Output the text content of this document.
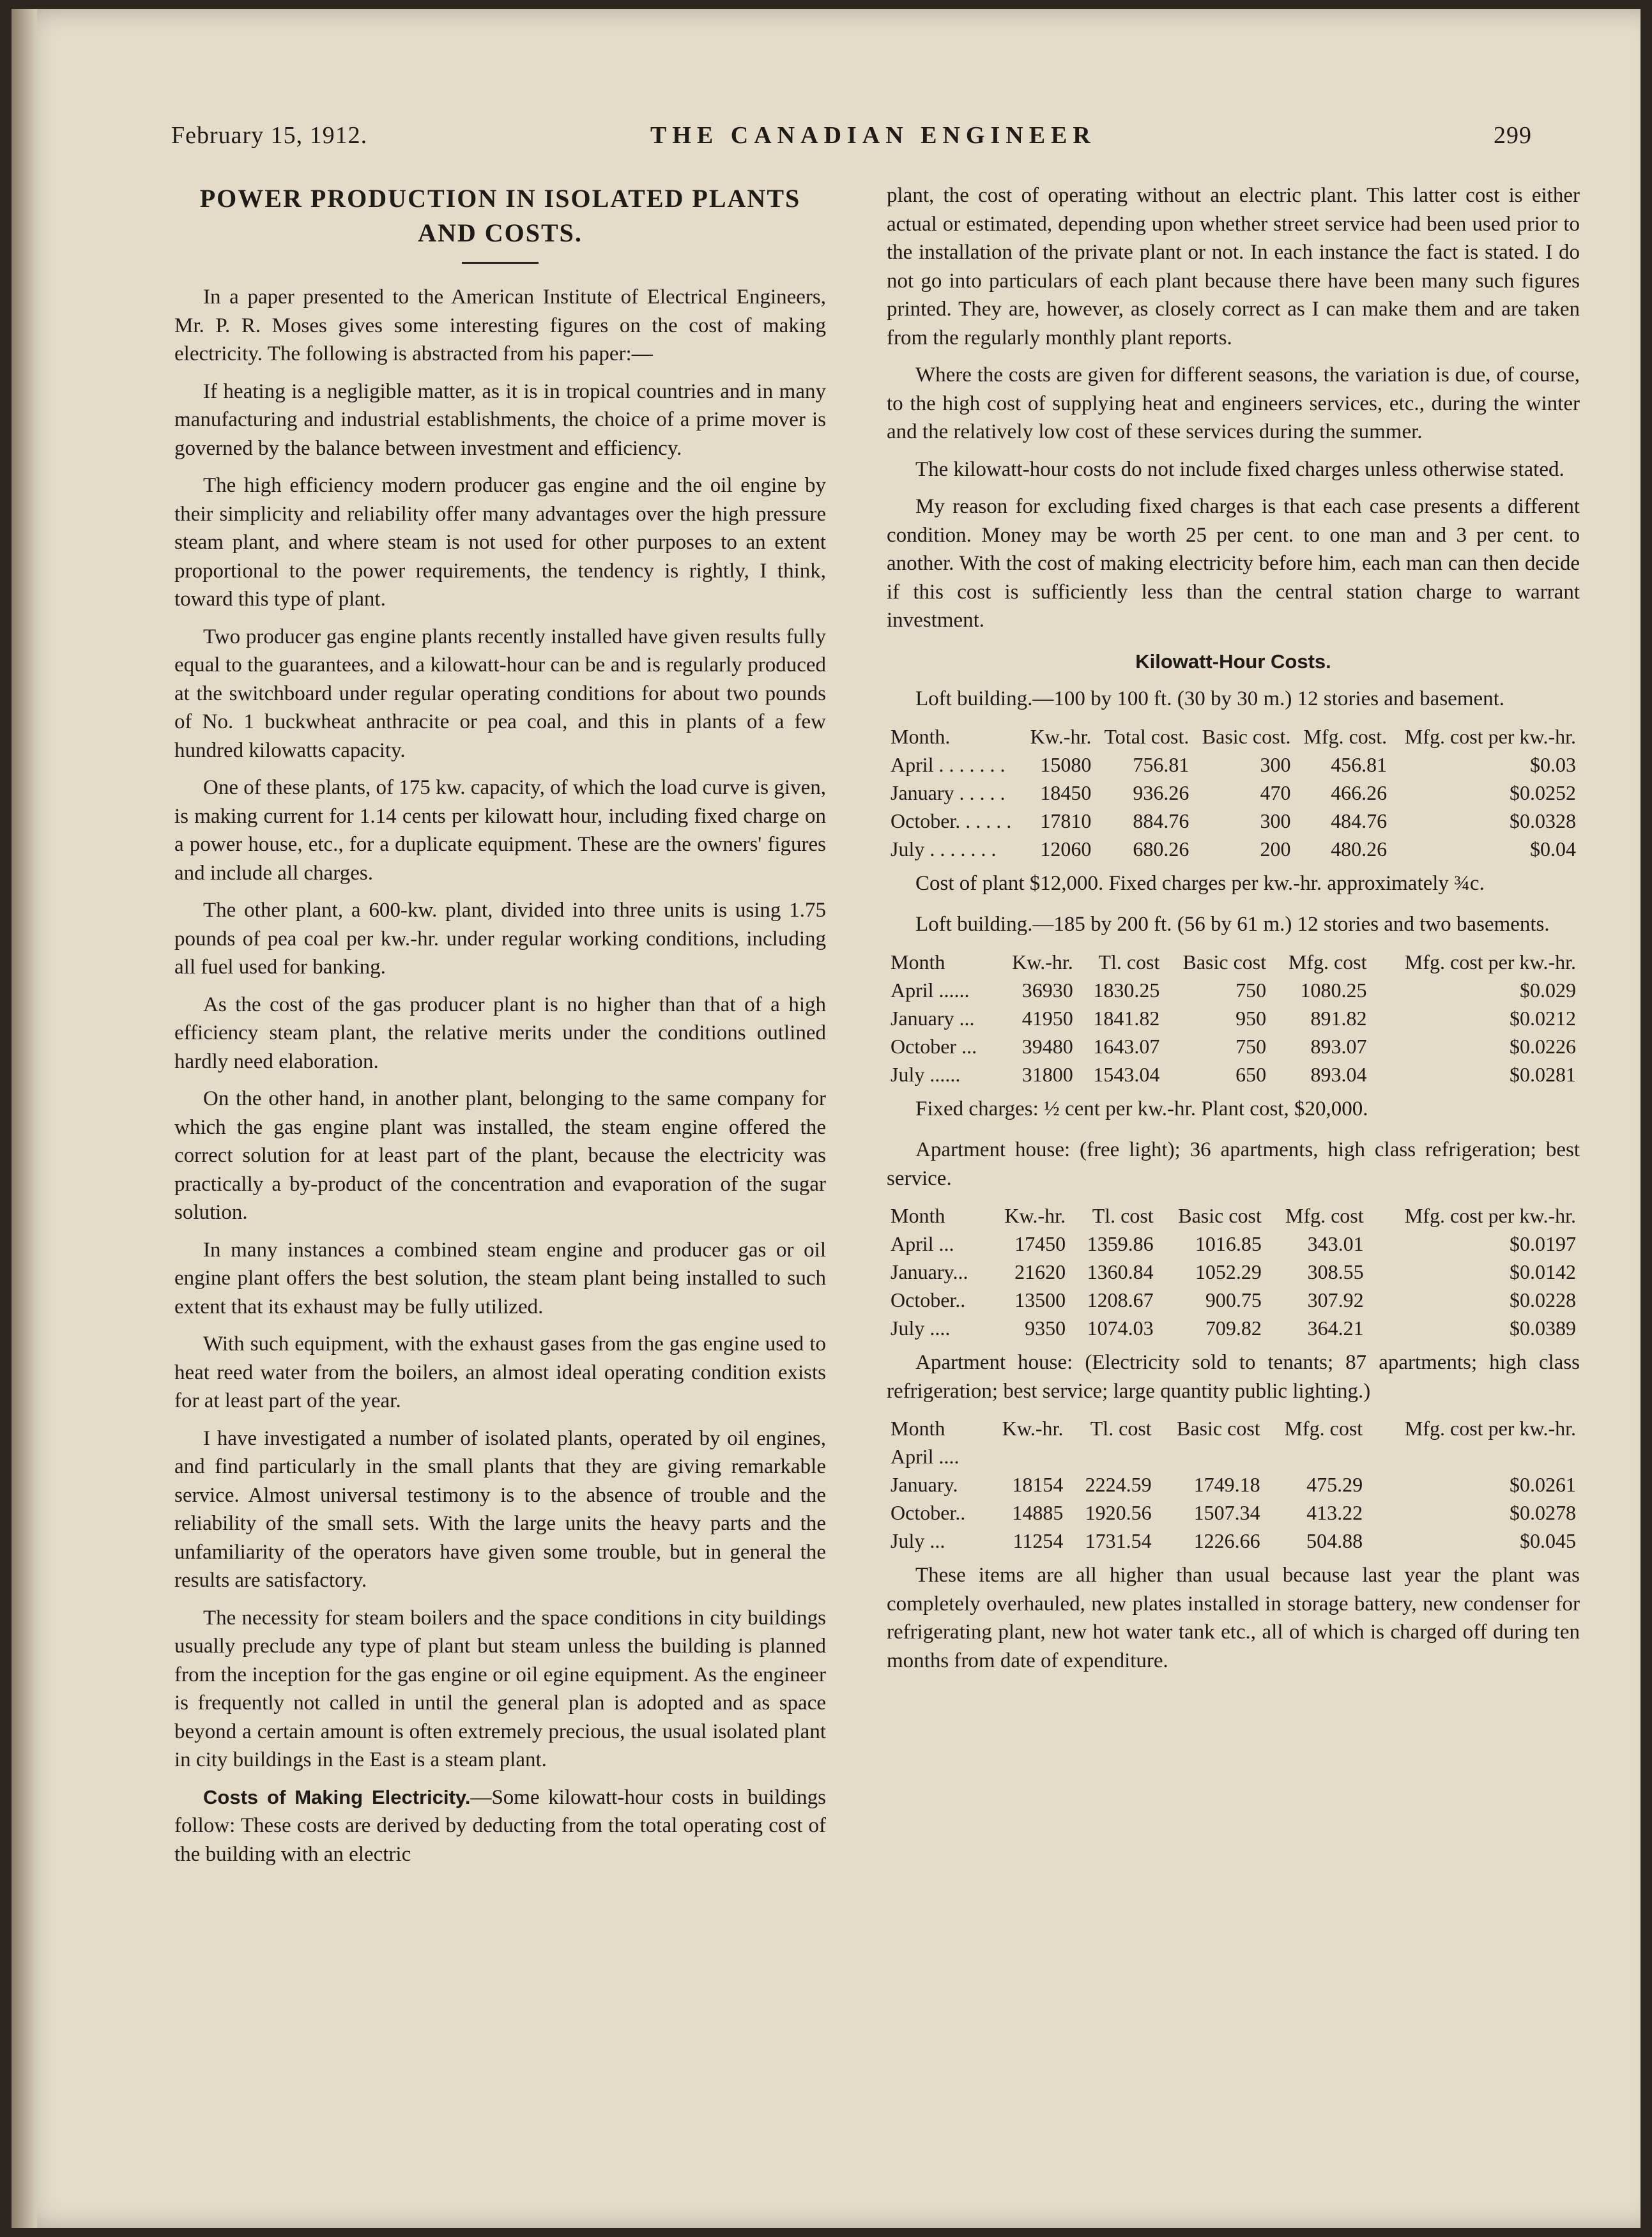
February 15, 1912.	THE CANADIAN ENGINEER	299
POWER PRODUCTION IN ISOLATED PLANTS AND COSTS.

In a paper presented to the American Institute of Electrical Engineers, Mr. P. R. Moses gives some interesting figures on the cost of making electricity. The following is abstracted from his paper:—

If heating is a negligible matter, as it is in tropical countries and in many manufacturing and industrial establishments, the choice of a prime mover is governed by the balance between investment and efficiency.

The high efficiency modern producer gas engine and the oil engine by their simplicity and reliability offer many advantages over the high pressure steam plant, and where steam is not used for other purposes to an extent proportional to the power requirements, the tendency is rightly, I think, toward this type of plant.

Two producer gas engine plants recently installed have given results fully equal to the guarantees, and a kilowatt-hour can be and is regularly produced at the switchboard under regular operating conditions for about two pounds of No. 1 buckwheat anthracite or pea coal, and this in plants of a few hundred kilowatts capacity.

One of these plants, of 175 kw. capacity, of which the load curve is given, is making current for 1.14 cents per kilowatt hour, including fixed charge on a power house, etc., for a duplicate equipment. These are the owners' figures and include all charges.

The other plant, a 600-kw. plant, divided into three units is using 1.75 pounds of pea coal per kw.-hr. under regular working conditions, including all fuel used for banking.

As the cost of the gas producer plant is no higher than that of a high efficiency steam plant, the relative merits under the conditions outlined hardly need elaboration.

On the other hand, in another plant, belonging to the same company for which the gas engine plant was installed, the steam engine offered the correct solution for at least part of the plant, because the electricity was practically a by-product of the concentration and evaporation of the sugar solution.

In many instances a combined steam engine and producer gas or oil engine plant offers the best solution, the steam plant being installed to such extent that its exhaust may be fully utilized.

With such equipment, with the exhaust gases from the gas engine used to heat reed water from the boilers, an almost ideal operating condition exists for at least part of the year.

I have investigated a number of isolated plants, operated by oil engines, and find particularly in the small plants that they are giving remarkable service. Almost universal testimony is to the absence of trouble and the reliability of the small sets. With the large units the heavy parts and the unfamiliarity of the operators have given some trouble, but in general the results are satisfactory.

The necessity for steam boilers and the space conditions in city buildings usually preclude any type of plant but steam unless the building is planned from the inception for the gas engine or oil egine equipment. As the engineer is frequently not called in until the general plan is adopted and as space beyond a certain amount is often extremely precious, the usual isolated plant in city buildings in the East is a steam plant.

Costs of Making Electricity.—Some kilowatt-hour costs in buildings follow: These costs are derived by deducting from the total operating cost of the building with an electric

plant, the cost of operating without an electric plant. This latter cost is either actual or estimated, depending upon whether street service had been used prior to the installation of the private plant or not. In each instance the fact is stated. I do not go into particulars of each plant because there have been many such figures printed. They are, however, as closely correct as I can make them and are taken from the regularly monthly plant reports.

Where the costs are given for different seasons, the variation is due, of course, to the high cost of supplying heat and engineers services, etc., during the winter and the relatively low cost of these services during the summer.

The kilowatt-hour costs do not include fixed charges unless otherwise stated.

My reason for excluding fixed charges is that each case presents a different condition. Money may be worth 25 per cent. to one man and 3 per cent. to another. With the cost of making electricity before him, each man can then decide if this cost is sufficiently less than the central station charge to warrant investment.

Kilowatt-Hour Costs.

Loft building.—100 by 100 ft. (30 by 30 m.) 12 stories and basement.

Month.	Kw.-hr.	Total cost.	Basic cost.	Mfg. cost.	Mfg. cost per kw.-hr.
April . . . . . . .	15080	756.81	300	456.81	$0.03
January . . . . .	18450	936.26	470	466.26	$0.0252
October. . . . . .	17810	884.76	300	484.76	$0.0328
July . . . . . . .	12060	680.26	200	480.26	$0.04

Cost of plant $12,000. Fixed charges per kw.-hr. approximately ¾c.

Loft building.—185 by 200 ft. (56 by 61 m.) 12 stories and two basements.

Month	Kw.-hr.	Tl. cost	Basic cost	Mfg. cost	Mfg. cost per kw.-hr.
April ......	36930	1830.25	750	1080.25	$0.029
January ...	41950	1841.82	950	891.82	$0.0212
October ...	39480	1643.07	750	893.07	$0.0226
July ......	31800	1543.04	650	893.04	$0.0281

Fixed charges: ½ cent per kw.-hr. Plant cost, $20,000.

Apartment house: (free light); 36 apartments, high class refrigeration; best service.

Month	Kw.-hr.	Tl. cost	Basic cost	Mfg. cost	Mfg. cost per kw.-hr.
April ...	17450	1359.86	1016.85	343.01	$0.0197
January...	21620	1360.84	1052.29	308.55	$0.0142
October..	13500	1208.67	900.75	307.92	$0.0228
July ....	9350	1074.03	709.82	364.21	$0.0389

Apartment house: (Electricity sold to tenants; 87 apartments; high class refrigeration; best service; large quantity public lighting.)

Month	Kw.-hr.	Tl. cost	Basic cost	Mfg. cost	Mfg. cost per kw.-hr.
April ....					
January.	18154	2224.59	1749.18	475.29	$0.0261
October..	14885	1920.56	1507.34	413.22	$0.0278
July ...	11254	1731.54	1226.66	504.88	$0.045

These items are all higher than usual because last year the plant was completely overhauled, new plates installed in storage battery, new condenser for refrigerating plant, new hot water tank etc., all of which is charged off during ten months from date of expenditure.
